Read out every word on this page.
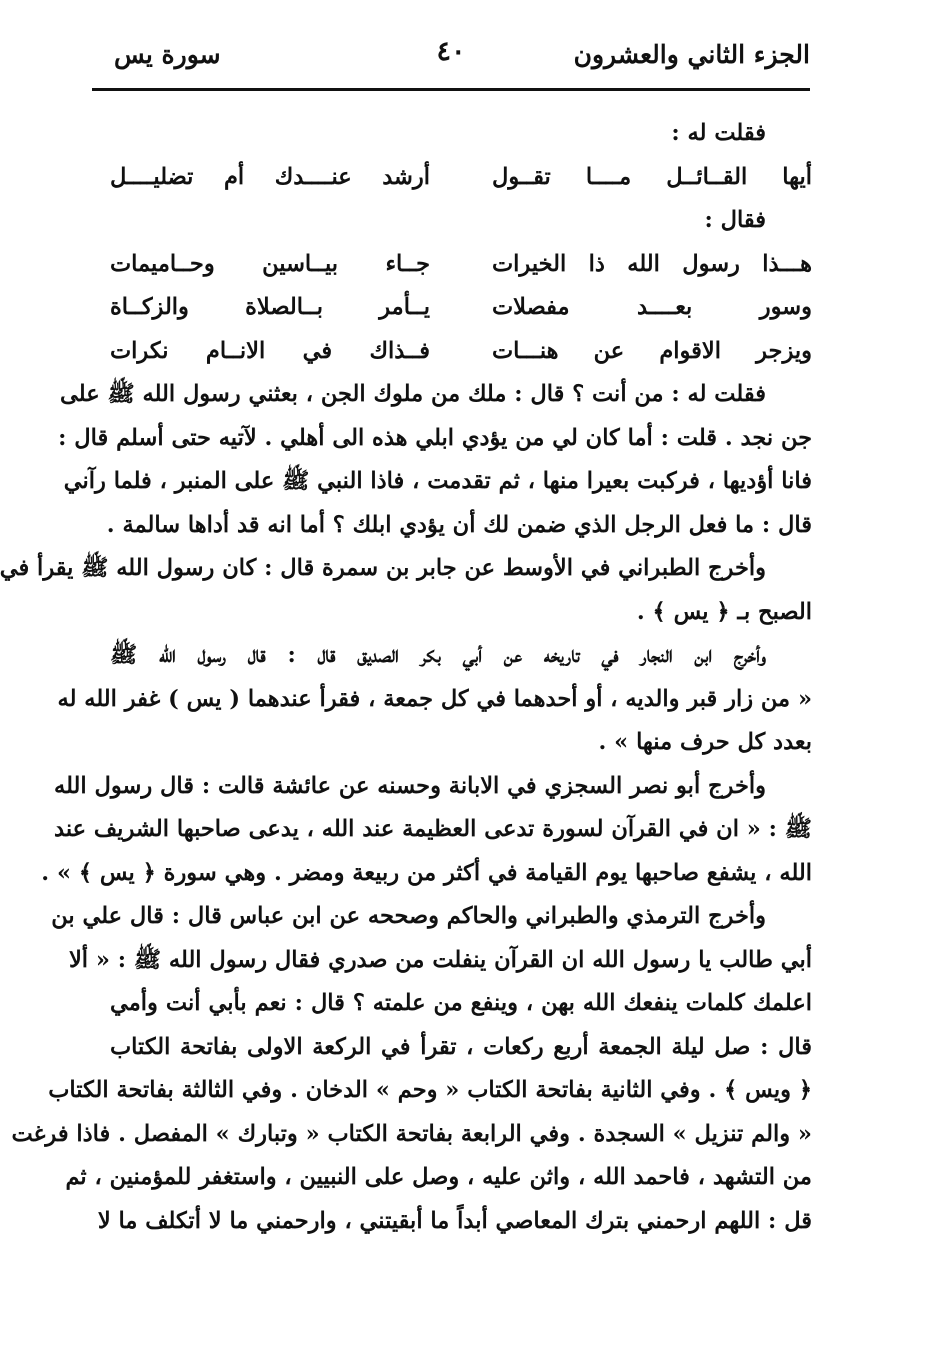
الجزء الثاني والعشرون
٤٠
سورة يس
فقلت له :
أيها القــائــل مــــا تقــول
أرشد عنــــدك أم تضليــــل
فقال :
هـــذا رسول الله ذا الخيرات
جــاء بيــاسين وحــاميمات
وسور بعــــد مفصلات
يــأمر بــالصلاة والزكــاة
ويزجر الاقوام عن هنـــات
فــذاك في الانــام نكرات
فقلت له : من أنت ؟ قال : ملك من ملوك الجن ، بعثني رسول الله ﷺ على
جن نجد . قلت : أما كان لي من يؤدي ابلي هذه الى أهلي . لآتيه حتى أسلم قال :
فانا أؤديها ، فركبت بعيرا منها ، ثم تقدمت ، فاذا النبي ﷺ على المنبر ، فلما رآني
قال : ما فعل الرجل الذي ضمن لك أن يؤدي ابلك ؟ أما انه قد أداها سالمة .
وأخرج الطبراني في الأوسط عن جابر بن سمرة قال : كان رسول الله ﷺ يقرأ في
الصبح بـ ﴿ يس ﴾ .
وأخرج ابن النجار في تاريخه عن أبي بكر الصديق قال : قال رسول الله ﷺ
« من زار قبر والديه ، أو أحدهما في كل جمعة ، فقرأ عندهما ( يس ) غفر الله له
بعدد كل حرف منها » .
وأخرج أبو نصر السجزي في الابانة وحسنه عن عائشة قالت : قال رسول الله
ﷺ : « ان في القرآن لسورة تدعى العظيمة عند الله ، يدعى صاحبها الشريف عند
الله ، يشفع صاحبها يوم القيامة في أكثر من ربيعة ومضر . وهي سورة ﴿ يس ﴾ » .
وأخرج الترمذي والطبراني والحاكم وصححه عن ابن عباس قال : قال علي بن
أبي طالب يا رسول الله ان القرآن ينفلت من صدري فقال رسول الله ﷺ : « ألا
اعلمك كلمات ينفعك الله بهن ، وينفع من علمته ؟ قال : نعم بأبي أنت وأمي
قال : صل ليلة الجمعة أربع ركعات ، تقرأ في الركعة الاولى بفاتحة الكتاب
﴿ ويس ﴾ . وفي الثانية بفاتحة الكتاب « وحم » الدخان . وفي الثالثة بفاتحة الكتاب
« والم تنزيل » السجدة . وفي الرابعة بفاتحة الكتاب « وتبارك » المفصل . فاذا فرغت
من التشهد ، فاحمد الله ، واثن عليه ، وصل على النبيين ، واستغفر للمؤمنين ، ثم
قل : اللهم ارحمني بترك المعاصي أبداً ما أبقيتني ، وارحمني ما لا أتكلف ما لا
